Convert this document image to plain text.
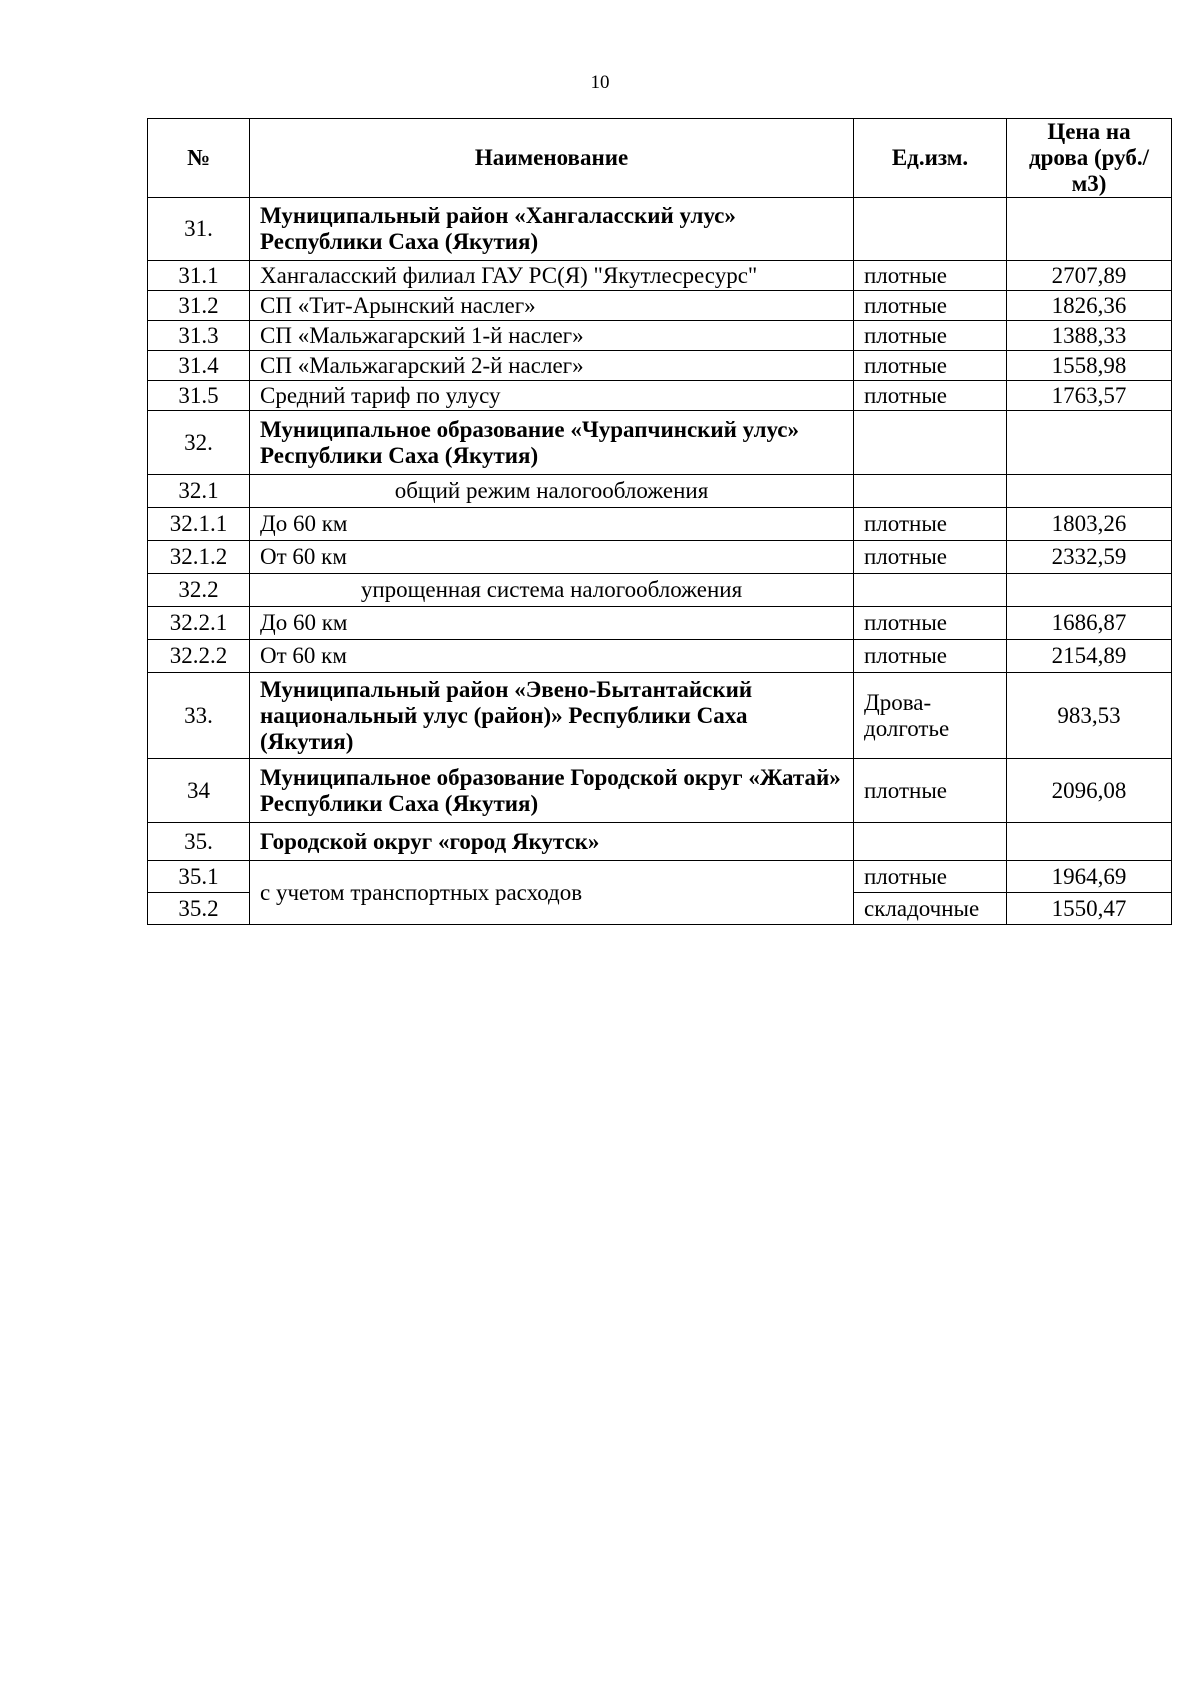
10
№	Наименование	Ед.изм.	Цена на дрова (руб./м3)
31.	Муниципальный район «Хангаласский улус» Республики Саха (Якутия)		
31.1	Хангаласский филиал ГАУ РС(Я) "Якутлесресурс"	плотные	2707,89
31.2	СП «Тит-Арынский наслег»	плотные	1826,36
31.3	СП «Мальжагарский 1-й наслег»	плотные	1388,33
31.4	СП «Мальжагарский 2-й наслег»	плотные	1558,98
31.5	Средний тариф по улусу	плотные	1763,57
32.	Муниципальное образование «Чурапчинский улус» Республики Саха (Якутия)		
32.1	общий режим налогообложения		
32.1.1	До 60 км	плотные	1803,26
32.1.2	От 60 км	плотные	2332,59
32.2	упрощенная система налогообложения		
32.2.1	До 60 км	плотные	1686,87
32.2.2	От 60 км	плотные	2154,89
33.	Муниципальный район «Эвено-Бытантайский национальный улус (район)» Республики Саха (Якутия)	Дрова-долготье	983,53
34	Муниципальное образование Городской округ «Жатай» Республики Саха (Якутия)	плотные	2096,08
35.	Городской округ «город Якутск»		
35.1	с учетом транспортных расходов	плотные	1964,69
35.2		складочные	1550,47
